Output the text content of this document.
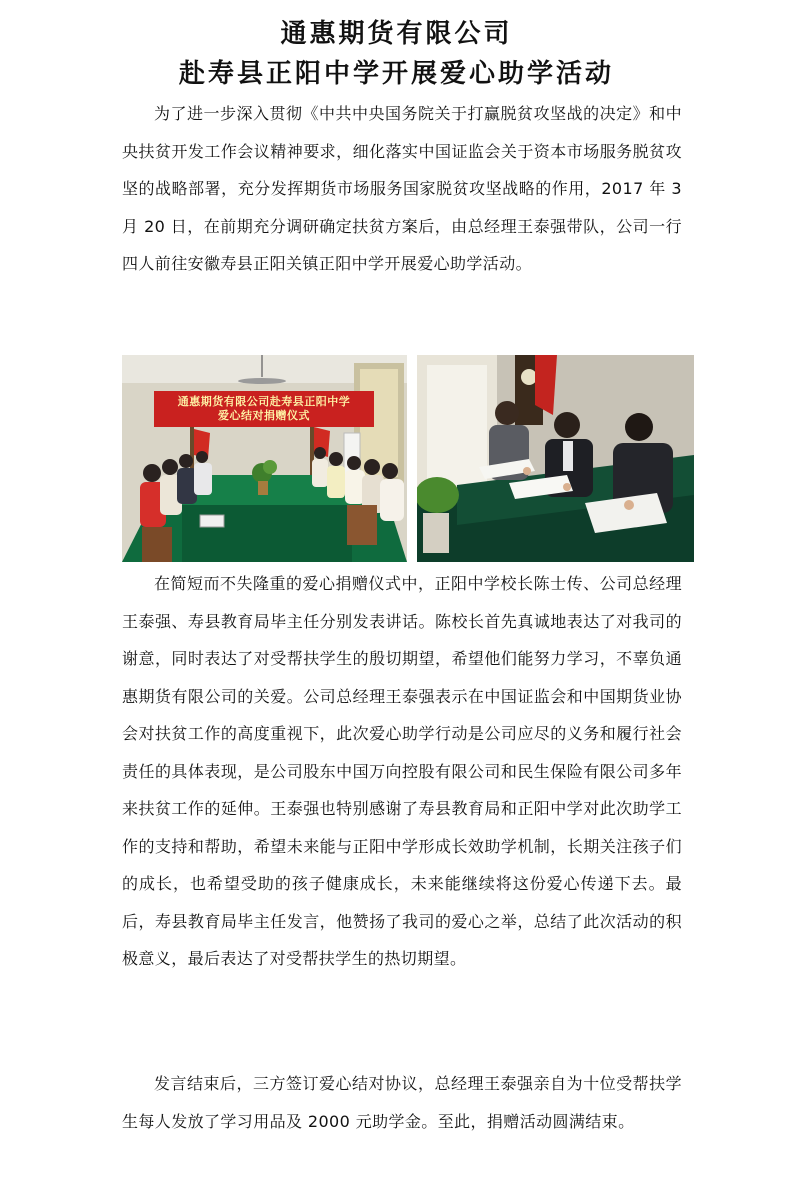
通惠期货有限公司
赴寿县正阳中学开展爱心助学活动

为了进一步深入贯彻《中共中央国务院关于打赢脱贫攻坚战的决定》和中央扶贫开发工作会议精神要求，细化落实中国证监会关于资本市场服务脱贫攻坚的战略部署，充分发挥期货市场服务国家脱贫攻坚战略的作用，2017 年 3 月 20 日，在前期充分调研确定扶贫方案后，由总经理王泰强带队，公司一行四人前往安徽寿县正阳关镇正阳中学开展爱心助学活动。

通惠期货有限公司赴寿县正阳中学
爱心结对捐赠仪式

在简短而不失隆重的爱心捐赠仪式中，正阳中学校长陈士传、公司总经理王泰强、寿县教育局毕主任分别发表讲话。陈校长首先真诚地表达了对我司的谢意，同时表达了对受帮扶学生的殷切期望，希望他们能努力学习，不辜负通惠期货有限公司的关爱。公司总经理王泰强表示在中国证监会和中国期货业协会对扶贫工作的高度重视下，此次爱心助学行动是公司应尽的义务和履行社会责任的具体表现，是公司股东中国万向控股有限公司和民生保险有限公司多年来扶贫工作的延伸。王泰强也特别感谢了寿县教育局和正阳中学对此次助学工作的支持和帮助，希望未来能与正阳中学形成长效助学机制，长期关注孩子们的成长，也希望受助的孩子健康成长，未来能继续将这份爱心传递下去。最后，寿县教育局毕主任发言，他赞扬了我司的爱心之举，总结了此次活动的积极意义，最后表达了对受帮扶学生的热切期望。

发言结束后，三方签订爱心结对协议，总经理王泰强亲自为十位受帮扶学生每人发放了学习用品及 2000 元助学金。至此，捐赠活动圆满结束。
